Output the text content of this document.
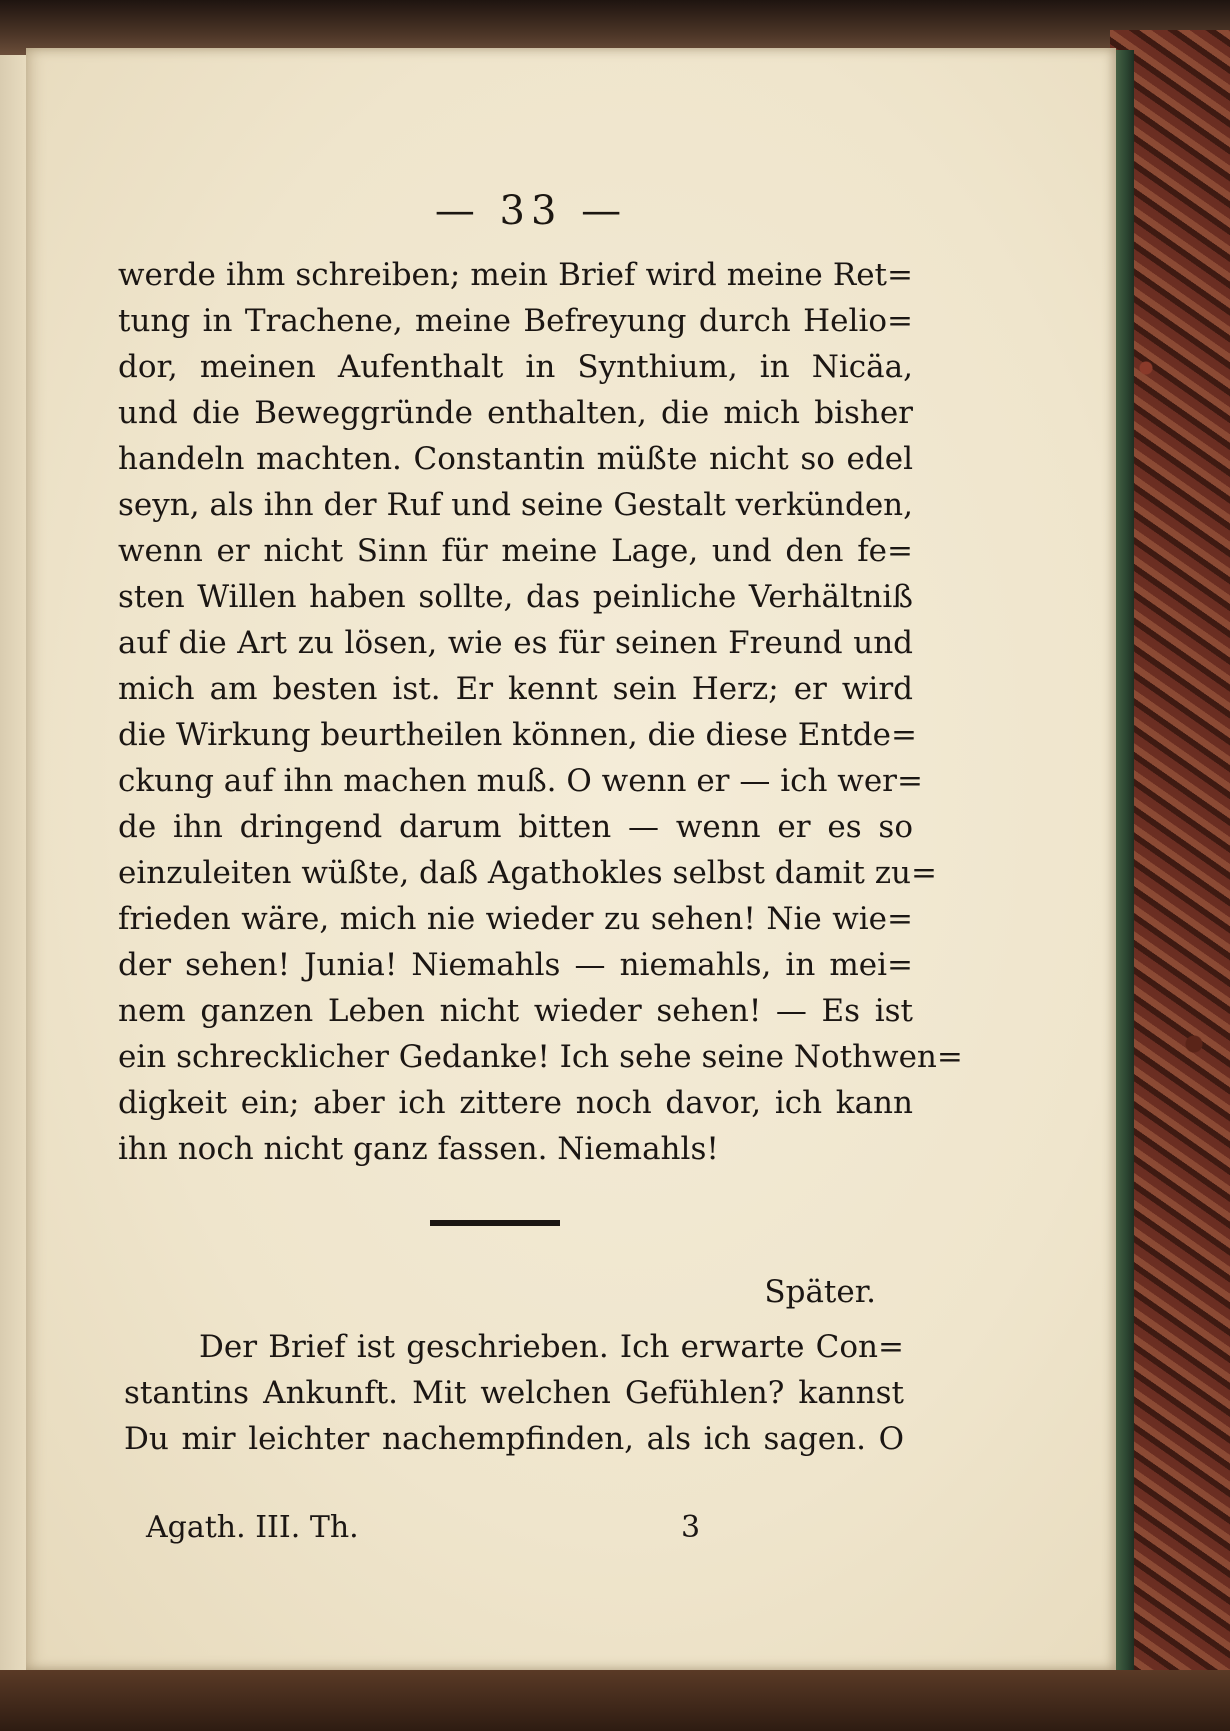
— 33 —
werde ihm schreiben; mein Brief wird meine Ret=
tung in Trachene, meine Befreyung durch Helio=
dor, meinen Aufenthalt in Synthium, in Nicäa,
und die Beweggründe enthalten, die mich bisher
handeln machten. Constantin müßte nicht so edel
seyn, als ihn der Ruf und seine Gestalt verkünden,
wenn er nicht Sinn für meine Lage, und den fe=
sten Willen haben sollte, das peinliche Verhältniß
auf die Art zu lösen, wie es für seinen Freund und
mich am besten ist. Er kennt sein Herz; er wird
die Wirkung beurtheilen können, die diese Entde=
ckung auf ihn machen muß. O wenn er — ich wer=
de ihn dringend darum bitten — wenn er es so
einzuleiten wüßte, daß Agathokles selbst damit zu=
frieden wäre, mich nie wieder zu sehen! Nie wie=
der sehen! Junia! Niemahls — niemahls, in mei=
nem ganzen Leben nicht wieder sehen! — Es ist
ein schrecklicher Gedanke! Ich sehe seine Nothwen=
digkeit ein; aber ich zittere noch davor, ich kann
ihn noch nicht ganz fassen. Niemahls!
Später.
Der Brief ist geschrieben. Ich erwarte Con=
stantins Ankunft. Mit welchen Gefühlen? kannst
Du mir leichter nachempfinden, als ich sagen. O
Agath. III. Th.	3
